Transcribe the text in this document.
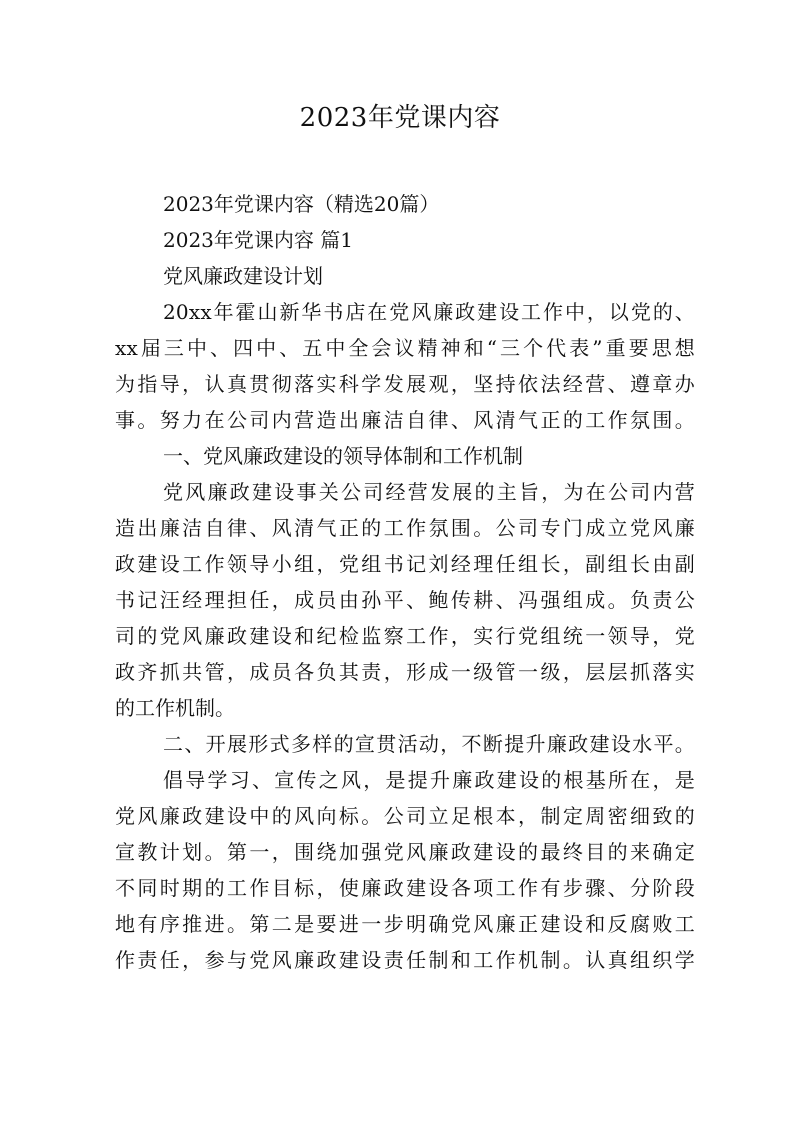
2023年党课内容
2023年党课内容（精选20篇）
2023年党课内容 篇1
党风廉政建设计划
20xx年霍山新华书店在党风廉政建设工作中，以党的、
xx届三中、四中、五中全会议精神和“三个代表”重要思想
为指导，认真贯彻落实科学发展观，坚持依法经营、遵章办
事。努力在公司内营造出廉洁自律、风清气正的工作氛围。
一、党风廉政建设的领导体制和工作机制
党风廉政建设事关公司经营发展的主旨，为在公司内营
造出廉洁自律、风清气正的工作氛围。公司专门成立党风廉
政建设工作领导小组，党组书记刘经理任组长，副组长由副
书记汪经理担任，成员由孙平、鲍传耕、冯强组成。负责公
司的党风廉政建设和纪检监察工作，实行党组统一领导，党
政齐抓共管，成员各负其责，形成一级管一级，层层抓落实
的工作机制。
二、开展形式多样的宣贯活动，不断提升廉政建设水平。
倡导学习、宣传之风，是提升廉政建设的根基所在，是
党风廉政建设中的风向标。公司立足根本，制定周密细致的
宣教计划。第一，围绕加强党风廉政建设的最终目的来确定
不同时期的工作目标，使廉政建设各项工作有步骤、分阶段
地有序推进。第二是要进一步明确党风廉正建设和反腐败工
作责任，参与党风廉政建设责任制和工作机制。认真组织学
